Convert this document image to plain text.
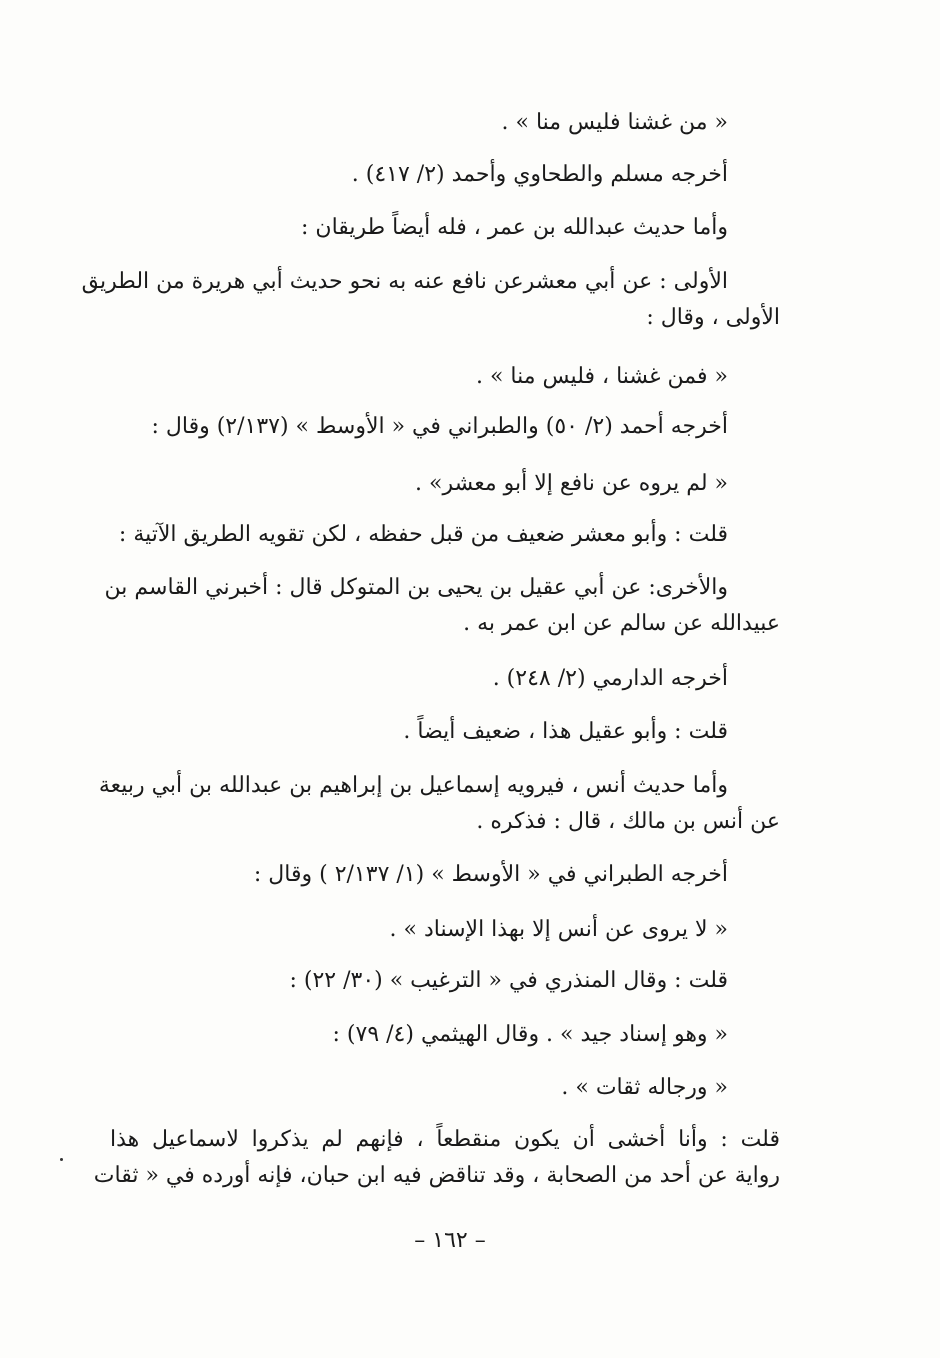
« من غشنا فليس منا » .
أخرجه مسلم والطحاوي وأحمد (٢/ ٤١٧) .
وأما حديث عبدالله بن عمر ، فله أيضاً طريقان :
الأولى : عن أبي معشرعن نافع عنه به نحو حديث أبي هريرة من الطريق
الأولى ، وقال :
« فمن غشنا ، فليس منا » .
أخرجه أحمد (٢/ ٥٠) والطبراني في « الأوسط » (٢/١٣٧) وقال :
« لم يروه عن نافع إلا أبو معشر» .
قلت : وأبو معشر ضعيف من قبل حفظه ، لكن تقويه الطريق الآتية :
والأخرى: عن أبي عقيل بن يحيى بن المتوكل قال : أخبرني القاسم بن
عبيدالله عن سالم عن ابن عمر به .
أخرجه الدارمي (٢/ ٢٤٨) .
قلت : وأبو عقيل هذا ، ضعيف أيضاً .
وأما حديث أنس ، فيرويه إسماعيل بن إبراهيم بن عبدالله بن أبي ربيعة
عن أنس بن مالك ، قال : فذكره .
أخرجه الطبراني في « الأوسط » (١/ ٢/١٣٧ ) وقال :
« لا يروى عن أنس إلا بهذا الإسناد » .
قلت : وقال المنذري في « الترغيب » (٣٠/ ٢٢) :
« وهو إسناد جيد » . وقال الهيثمي (٤/ ٧٩) :
« ورجاله ثقات » .
قلت : وأنا أخشى أن يكون منقطعاً ، فإنهم لم يذكروا لاسماعيل هذا
رواية عن أحد من الصحابة ، وقد تناقض فيه ابن حبان، فإنه أورده في « ثقات
– ١٦٢ –
